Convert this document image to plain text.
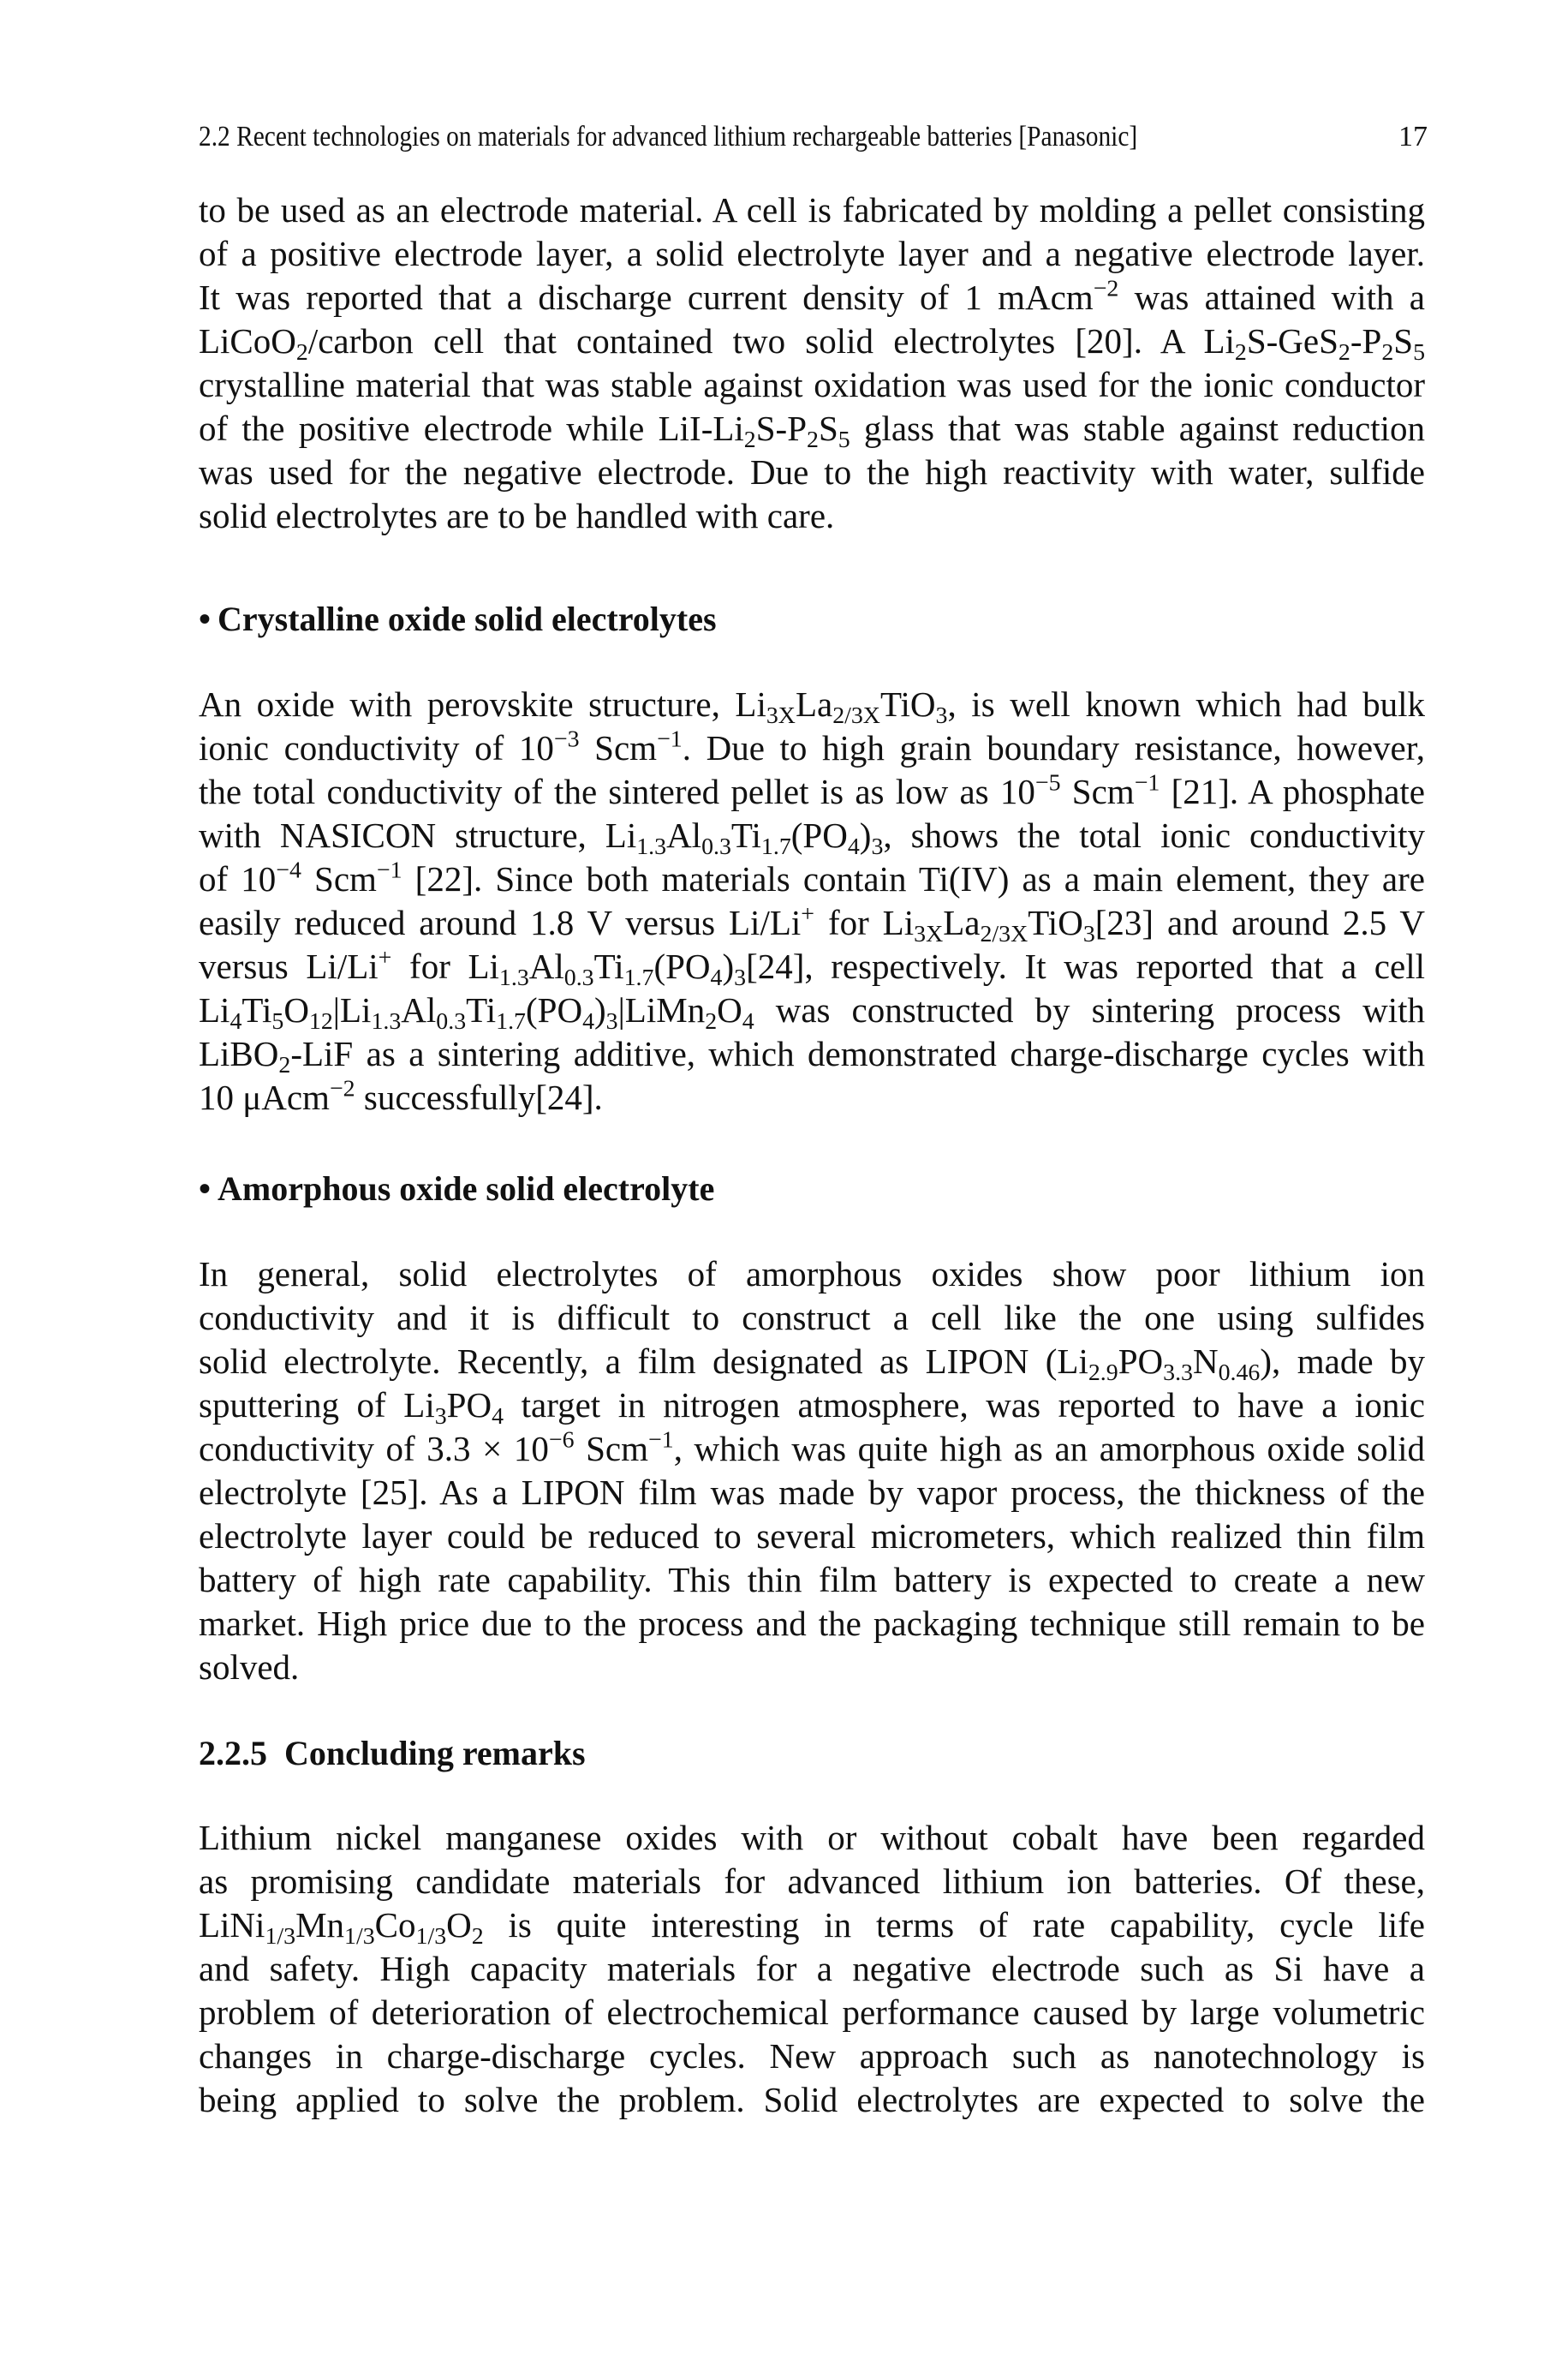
2.2 Recent technologies on materials for advanced lithium rechargeable batteries [Panasonic]	17
to be used as an electrode material. A cell is fabricated by molding a pellet consisting
of a positive electrode layer, a solid electrolyte layer and a negative electrode layer.
It was reported that a discharge current density of 1 mAcm$^{-2}$ was attained with a
LiCoO$_2$/carbon cell that contained two solid electrolytes [20]. A $Li_2S-GeS_2-P_2S_5$
crystalline material that was stable against oxidation was used for the ionic conductor
of the positive electrode while LiI-$Li_2S-P_2S_5$ glass that was stable against reduction
was used for the negative electrode. Due to the high reactivity with water, sulfide
solid electrolytes are to be handled with care.
• Crystalline oxide solid electrolytes
An oxide with perovskite structure, $Li_{3X}La_{2/3X}TiO_3$, is well known which had bulk
ionic conductivity of $10^{-3}$ Scm$^{-1}$. Due to high grain boundary resistance, however,
the total conductivity of the sintered pellet is as low as $10^{-5}$ Scm$^{-1}$ [21]. A phosphate
with NASICON structure, $Li_{1.3}Al_{0.3}Ti_{1.7}(PO_4)_3$, shows the total ionic conductivity
of $10^{-4}$ Scm$^{-1}$ [22]. Since both materials contain Ti(IV) as a main element, they are
easily reduced around 1.8 V versus Li/Li+ for $Li_{3X}La_{2/3X}TiO_3[23]$ and around 2.5 V
versus Li/Li+ for $Li_{1.3}Al_{0.3}Ti_{1.7}(PO_4)_3[24]$, respectively. It was reported that a cell
$Li_4Ti_5O_{12}|Li_{1.3}Al_{0.3}Ti_{1.7}(PO_4)_3|LiMn_2O_4$ was constructed by sintering process with
LiBO$_2$-LiF as a sintering additive, which demonstrated charge-discharge cycles with
10 μAcm$^{-2}$ successfully[24].
• Amorphous oxide solid electrolyte
In general, solid electrolytes of amorphous oxides show poor lithium ion
conductivity and it is difficult to construct a cell like the one using sulfides
solid electrolyte. Recently, a film designated as LIPON $(Li_{2.9}PO_{3.3}N_{0.46})$, made by
sputtering of $Li_3PO_4$ target in nitrogen atmosphere, was reported to have a ionic
conductivity of $3.3 \times 10^{-6}$ Scm$^{-1}$, which was quite high as an amorphous oxide solid
electrolyte [25]. As a LIPON film was made by vapor process, the thickness of the
electrolyte layer could be reduced to several micrometers, which realized thin film
battery of high rate capability. This thin film battery is expected to create a new
market. High price due to the process and the packaging technique still remain to be
solved.
2.2.5 Concluding remarks
Lithium nickel manganese oxides with or without cobalt have been regarded
as promising candidate materials for advanced lithium ion batteries. Of these,
$LiNi_{1/3}Mn_{1/3}Co_{1/3}O_2$ is quite interesting in terms of rate capability, cycle life
and safety. High capacity materials for a negative electrode such as Si have a
problem of deterioration of electrochemical performance caused by large volumetric
changes in charge-discharge cycles. New approach such as nanotechnology is
being applied to solve the problem. Solid electrolytes are expected to solve the
